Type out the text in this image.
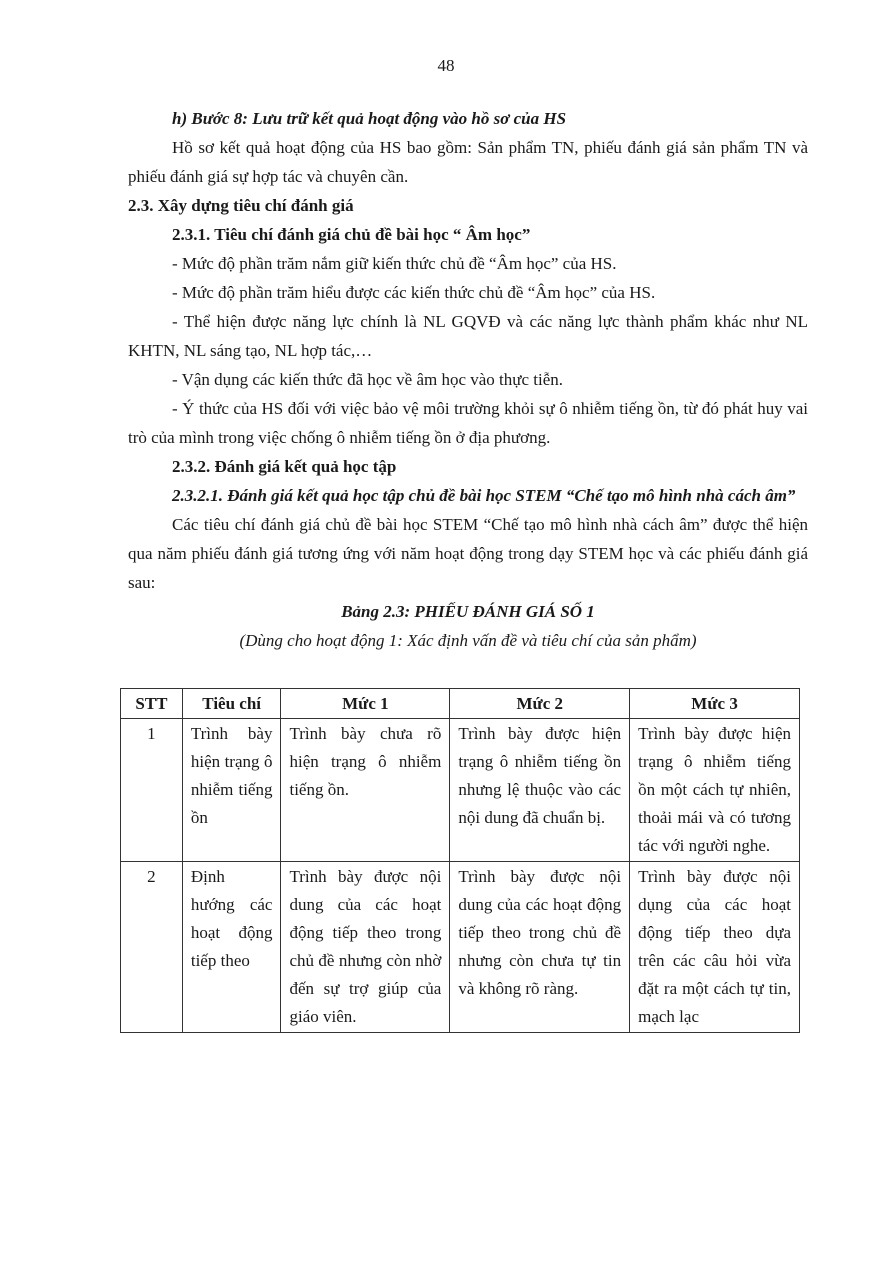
48

h) Bước 8: Lưu trữ kết quả hoạt động vào hồ sơ của HS

Hồ sơ kết quả hoạt động của HS bao gồm: Sản phẩm TN, phiếu đánh giá sản phẩm TN và phiếu đánh giá sự hợp tác và chuyên cần.

2.3. Xây dựng tiêu chí đánh giá

2.3.1. Tiêu chí đánh giá chủ đề bài học “ Âm học”

- Mức độ phần trăm nắm giữ kiến thức chủ đề “Âm học” của HS.

- Mức độ phần trăm hiểu được các kiến thức chủ đề “Âm học” của HS.

- Thể hiện được năng lực chính là NL GQVĐ và các năng lực thành phẩm khác như NL KHTN, NL sáng tạo, NL hợp tác,…

- Vận dụng các kiến thức đã học về âm học vào thực tiễn.

- Ý thức của HS đối với việc bảo vệ môi trường khỏi sự ô nhiễm tiếng ồn, từ đó phát huy vai trò của mình trong việc chống ô nhiễm tiếng ồn ở địa phương.

2.3.2. Đánh giá kết quả học tập

2.3.2.1. Đánh giá kết quả học tập chủ đề bài học STEM “Chế tạo mô hình nhà cách âm”

Các tiêu chí đánh giá chủ đề bài học STEM “Chế tạo mô hình nhà cách âm” được thể hiện qua năm phiếu đánh giá tương ứng với năm hoạt động trong dạy STEM học và các phiếu đánh giá sau:

Bảng 2.3: PHIẾU ĐÁNH GIÁ SỐ 1

(Dùng cho hoạt động 1: Xác định vấn đề và tiêu chí của sản phẩm)

STT	Tiêu chí	Mức 1	Mức 2	Mức 3
1	Trình bày hiện trạng ô nhiễm tiếng ồn	Trình bày chưa rõ hiện trạng ô nhiễm tiếng ồn.	Trình bày được hiện trạng ô nhiễm tiếng ồn nhưng lệ thuộc vào các nội dung đã chuẩn bị.	Trình bày được hiện trạng ô nhiễm tiếng ồn một cách tự nhiên, thoải mái và có tương tác với người nghe.
2	Định hướng các hoạt động tiếp theo	Trình bày được nội dung của các hoạt động tiếp theo trong chủ đề nhưng còn nhờ đến sự trợ giúp của giáo viên.	Trình bày được nội dung của các hoạt động tiếp theo trong chủ đề nhưng còn chưa tự tin và không rõ ràng.	Trình bày được nội dụng của các hoạt động tiếp theo dựa trên các câu hỏi vừa đặt ra một cách tự tin, mạch lạc
